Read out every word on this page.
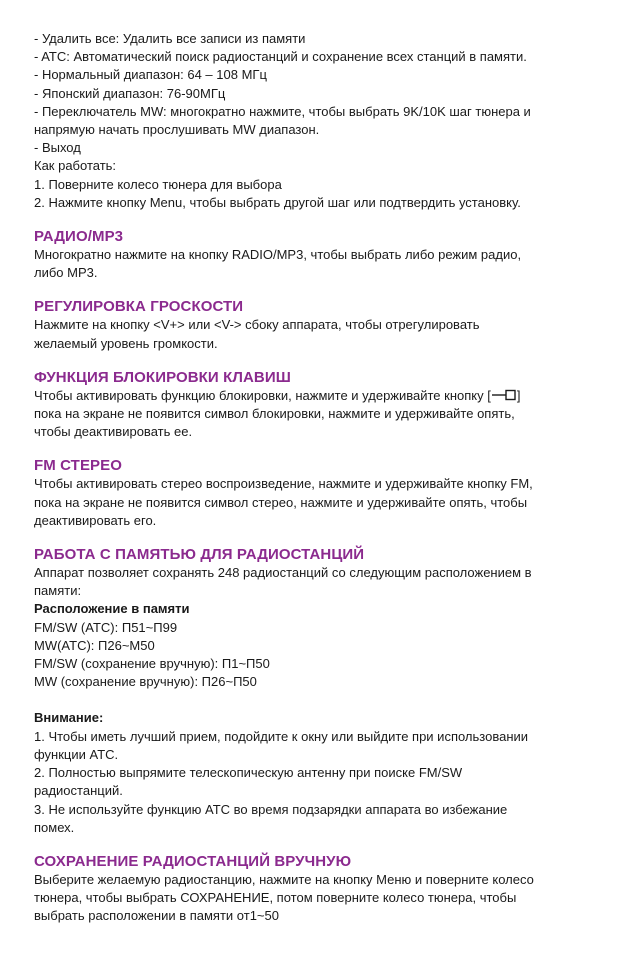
- Удалить все: Удалить все записи из памяти

- ATC: Автоматический поиск радиостанций и сохранение всех станций в памяти.

- Нормальный диапазон: 64 – 108 МГц

- Японский диапазон: 76-90МГц

- Переключатель MW: многократно нажмите, чтобы выбрать 9K/10K шаг тюнера и

напрямую начать прослушивать MW диапазон.

- Выход

Как работать:

1. Поверните колесо тюнера для выбора

2. Нажмите кнопку Menu, чтобы выбрать другой шаг или подтвердить установку.

РАДИО/MP3

Многократно нажмите на кнопку RADIO/MP3, чтобы выбрать либо режим радио,

либо MP3.

РЕГУЛИРОВКА ГРОСКОСТИ

Нажмите на кнопку <V+> или <V-> сбоку аппарата, чтобы отрегулировать

желаемый уровень громкости.

ФУНКЦИЯ БЛОКИРОВКИ КЛАВИШ

Чтобы активировать функцию блокировки, нажмите и удерживайте кнопку [ ]

пока на экране не появится символ блокировки, нажмите и удерживайте опять,

чтобы деактивировать ее.

FM СТЕРЕО

Чтобы активировать стерео воспроизведение, нажмите и удерживайте кнопку FM,

пока на экране не появится символ стерео, нажмите и удерживайте опять, чтобы

деактивировать его.

РАБОТА С ПАМЯТЬЮ ДЛЯ РАДИОСТАНЦИЙ

Аппарат позволяет сохранять 248 радиостанций со следующим расположением в

памяти:

Расположение в памяти

FM/SW (ATC): П51~П99

MW(ATC): П26~M50

FM/SW (сохранение вручную): П1~П50

MW (сохранение вручную): П26~П50

Внимание:

1. Чтобы иметь лучший прием, подойдите к окну или выйдите при использовании

функции ATC.

2. Полностью выпрямите телескопическую антенну при поиске FM/SW

радиостанций.

3. Не используйте функцию ATC во время подзарядки аппарата во избежание

помех.

СОХРАНЕНИЕ РАДИОСТАНЦИЙ ВРУЧНУЮ

Выберите желаемую радиостанцию, нажмите на кнопку Меню и поверните колесо

тюнера, чтобы выбрать СОХРАНЕНИЕ, потом поверните колесо тюнера, чтобы

выбрать расположении в памяти от1~50
